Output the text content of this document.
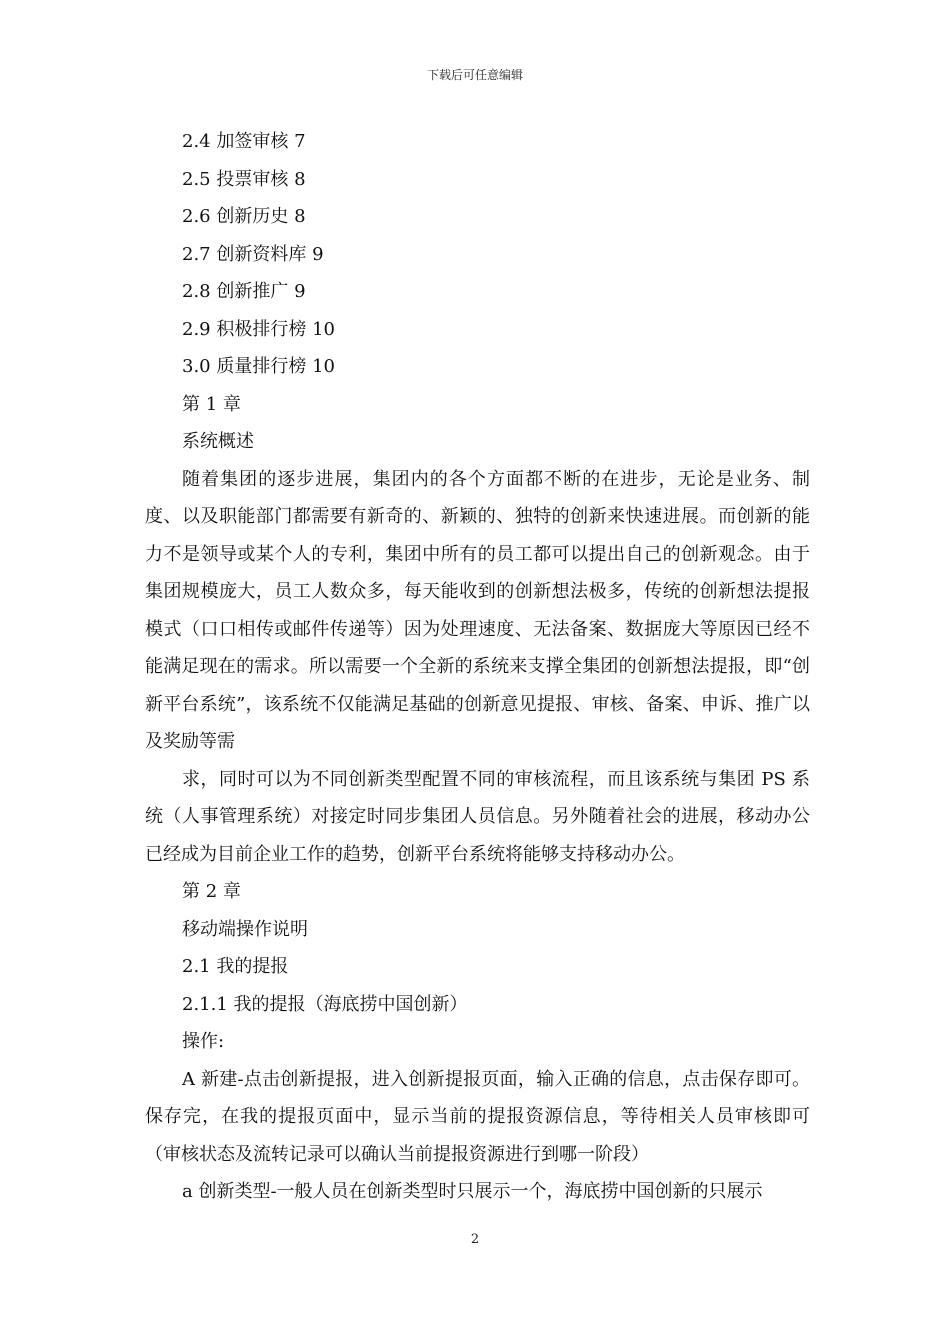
下载后可任意编辑
2.4 加签审核 7
2.5 投票审核 8
2.6 创新历史 8
2.7 创新资料库 9
2.8 创新推广 9
2.9 积极排行榜 10
3.0 质量排行榜 10
第 1 章
系统概述
随着集团的逐步进展，集团内的各个方面都不断的在进步，无论是业务、制度、以及职能部门都需要有新奇的、新颖的、独特的创新来快速进展。而创新的能力不是领导或某个人的专利，集团中所有的员工都可以提出自己的创新观念。由于集团规模庞大，员工人数众多，每天能收到的创新想法极多，传统的创新想法提报模式（口口相传或邮件传递等）因为处理速度、无法备案、数据庞大等原因已经不能满足现在的需求。所以需要一个全新的系统来支撑全集团的创新想法提报，即“创新平台系统”，该系统不仅能满足基础的创新意见提报、审核、备案、申诉、推广以及奖励等需
求，同时可以为不同创新类型配置不同的审核流程，而且该系统与集团 PS 系统（人事管理系统）对接定时同步集团人员信息。另外随着社会的进展，移动办公已经成为目前企业工作的趋势，创新平台系统将能够支持移动办公。
第 2 章
移动端操作说明
2.1 我的提报
2.1.1 我的提报（海底捞中国创新）
操作:
A 新建-点击创新提报，进入创新提报页面，输入正确的信息，点击保存即可。保存完，在我的提报页面中，显示当前的提报资源信息，等待相关人员审核即可（审核状态及流转记录可以确认当前提报资源进行到哪一阶段）
a 创新类型-一般人员在创新类型时只展示一个，海底捞中国创新的只展示
2
